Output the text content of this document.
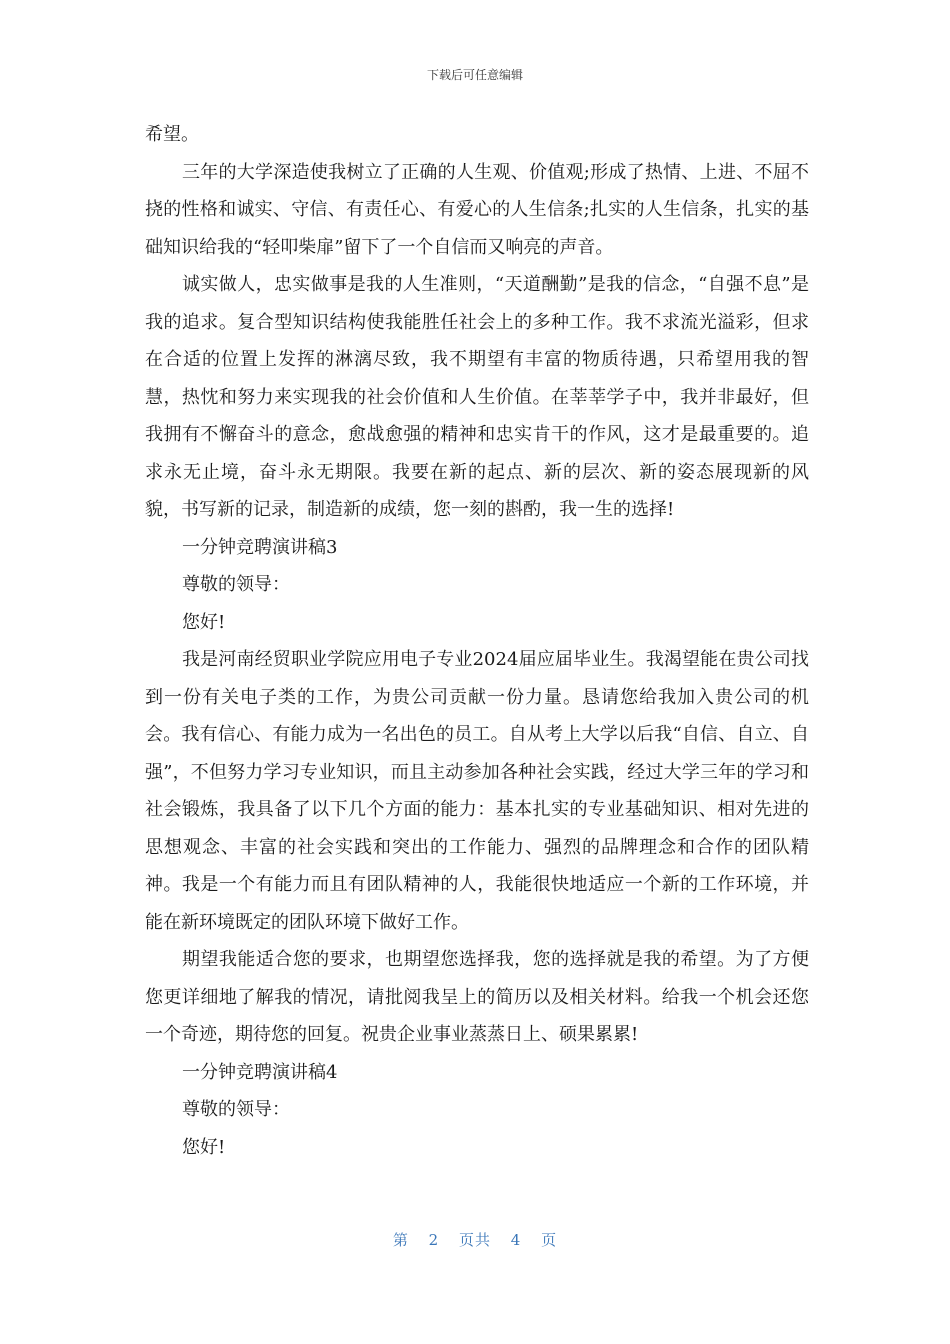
下载后可任意编辑

希望。

三年的大学深造使我树立了正确的人生观、价值观;形成了热情、上进、不屈不挠的性格和诚实、守信、有责任心、有爱心的人生信条;扎实的人生信条，扎实的基础知识给我的“轻叩柴扉”留下了一个自信而又响亮的声音。

诚实做人，忠实做事是我的人生准则，“天道酬勤”是我的信念，“自强不息”是我的追求。复合型知识结构使我能胜任社会上的多种工作。我不求流光溢彩，但求在合适的位置上发挥的淋漓尽致，我不期望有丰富的物质待遇，只希望用我的智慧，热忱和努力来实现我的社会价值和人生价值。在莘莘学子中，我并非最好，但我拥有不懈奋斗的意念，愈战愈强的精神和忠实肯干的作风，这才是最重要的。追求永无止境，奋斗永无期限。我要在新的起点、新的层次、新的姿态展现新的风貌，书写新的记录，制造新的成绩，您一刻的斟酌，我一生的选择!

一分钟竞聘演讲稿3

尊敬的领导：

您好!

我是河南经贸职业学院应用电子专业2024届应届毕业生。我渴望能在贵公司找到一份有关电子类的工作，为贵公司贡献一份力量。恳请您给我加入贵公司的机会。我有信心、有能力成为一名出色的员工。自从考上大学以后我“自信、自立、自强”，不但努力学习专业知识，而且主动参加各种社会实践，经过大学三年的学习和社会锻炼，我具备了以下几个方面的能力：基本扎实的专业基础知识、相对先进的思想观念、丰富的社会实践和突出的工作能力、强烈的品牌理念和合作的团队精神。我是一个有能力而且有团队精神的人，我能很快地适应一个新的工作环境，并能在新环境既定的团队环境下做好工作。

期望我能适合您的要求，也期望您选择我，您的选择就是我的希望。为了方便您更详细地了解我的情况，请批阅我呈上的简历以及相关材料。给我一个机会还您一个奇迹，期待您的回复。祝贵企业事业蒸蒸日上、硕果累累!

一分钟竞聘演讲稿4

尊敬的领导：

您好!

第 2 页共 4 页
